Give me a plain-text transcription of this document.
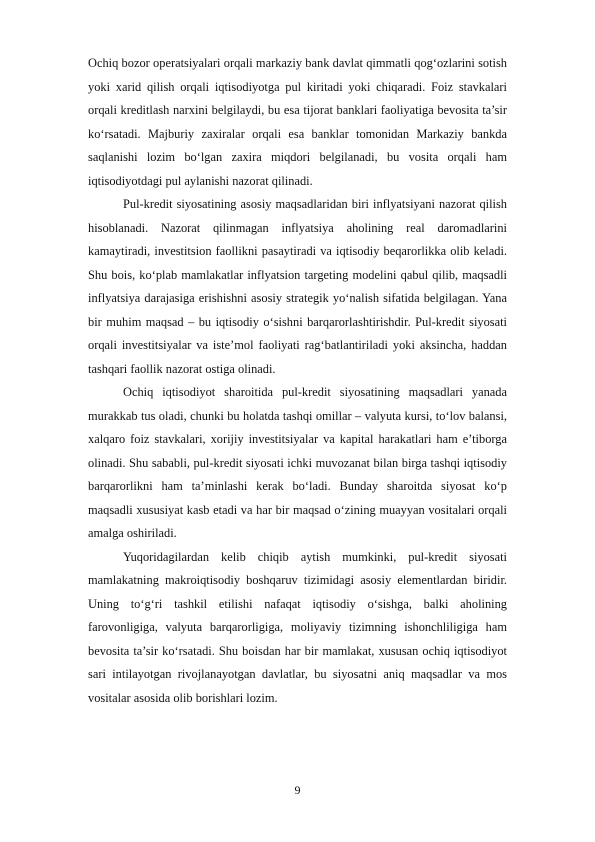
Ochiq bozor operatsiyalari orqali markaziy bank davlat qimmatli qog‘ozlarini sotish yoki xarid qilish orqali iqtisodiyotga pul kiritadi yoki chiqaradi. Foiz stavkalari orqali kreditlash narxini belgilaydi, bu esa tijorat banklari faoliyatiga bevosita ta’sir ko‘rsatadi. Majburiy zaxiralar orqali esa banklar tomonidan Markaziy bankda saqlanishi lozim bo‘lgan zaxira miqdori belgilanadi, bu vosita orqali ham iqtisodiyotdagi pul aylanishi nazorat qilinadi.

Pul-kredit siyosatining asosiy maqsadlaridan biri inflyatsiyani nazorat qilish hisoblanadi. Nazorat qilinmagan inflyatsiya aholining real daromadlarini kamaytiradi, investitsion faollikni pasaytiradi va iqtisodiy beqarorlikka olib keladi. Shu bois, ko‘plab mamlakatlar inflyatsion targeting modelini qabul qilib, maqsadli inflyatsiya darajasiga erishishni asosiy strategik yo‘nalish sifatida belgilagan. Yana bir muhim maqsad – bu iqtisodiy o‘sishni barqarorlashtirishdir. Pul-kredit siyosati orqali investitsiyalar va iste’mol faoliyati rag‘batlantiriladi yoki aksincha, haddan tashqari faollik nazorat ostiga olinadi.

Ochiq iqtisodiyot sharoitida pul-kredit siyosatining maqsadlari yanada murakkab tus oladi, chunki bu holatda tashqi omillar – valyuta kursi, to‘lov balansi, xalqaro foiz stavkalari, xorijiy investitsiyalar va kapital harakatlari ham e’tiborga olinadi. Shu sababli, pul-kredit siyosati ichki muvozanat bilan birga tashqi iqtisodiy barqarorlikni ham ta’minlashi kerak bo‘ladi. Bunday sharoitda siyosat ko‘p maqsadli xususiyat kasb etadi va har bir maqsad o‘zining muayyan vositalari orqali amalga oshiriladi.

Yuqoridagilardan kelib chiqib aytish mumkinki, pul-kredit siyosati mamlakatning makroiqtisodiy boshqaruv tizimidagi asosiy elementlardan biridir. Uning to‘g‘ri tashkil etilishi nafaqat iqtisodiy o‘sishga, balki aholining farovonligiga, valyuta barqarorligiga, moliyaviy tizimning ishonchliligiga ham bevosita ta’sir ko‘rsatadi. Shu boisdan har bir mamlakat, xususan ochiq iqtisodiyot sari intilayotgan rivojlanayotgan davlatlar, bu siyosatni aniq maqsadlar va mos vositalar asosida olib borishlari lozim.

9
